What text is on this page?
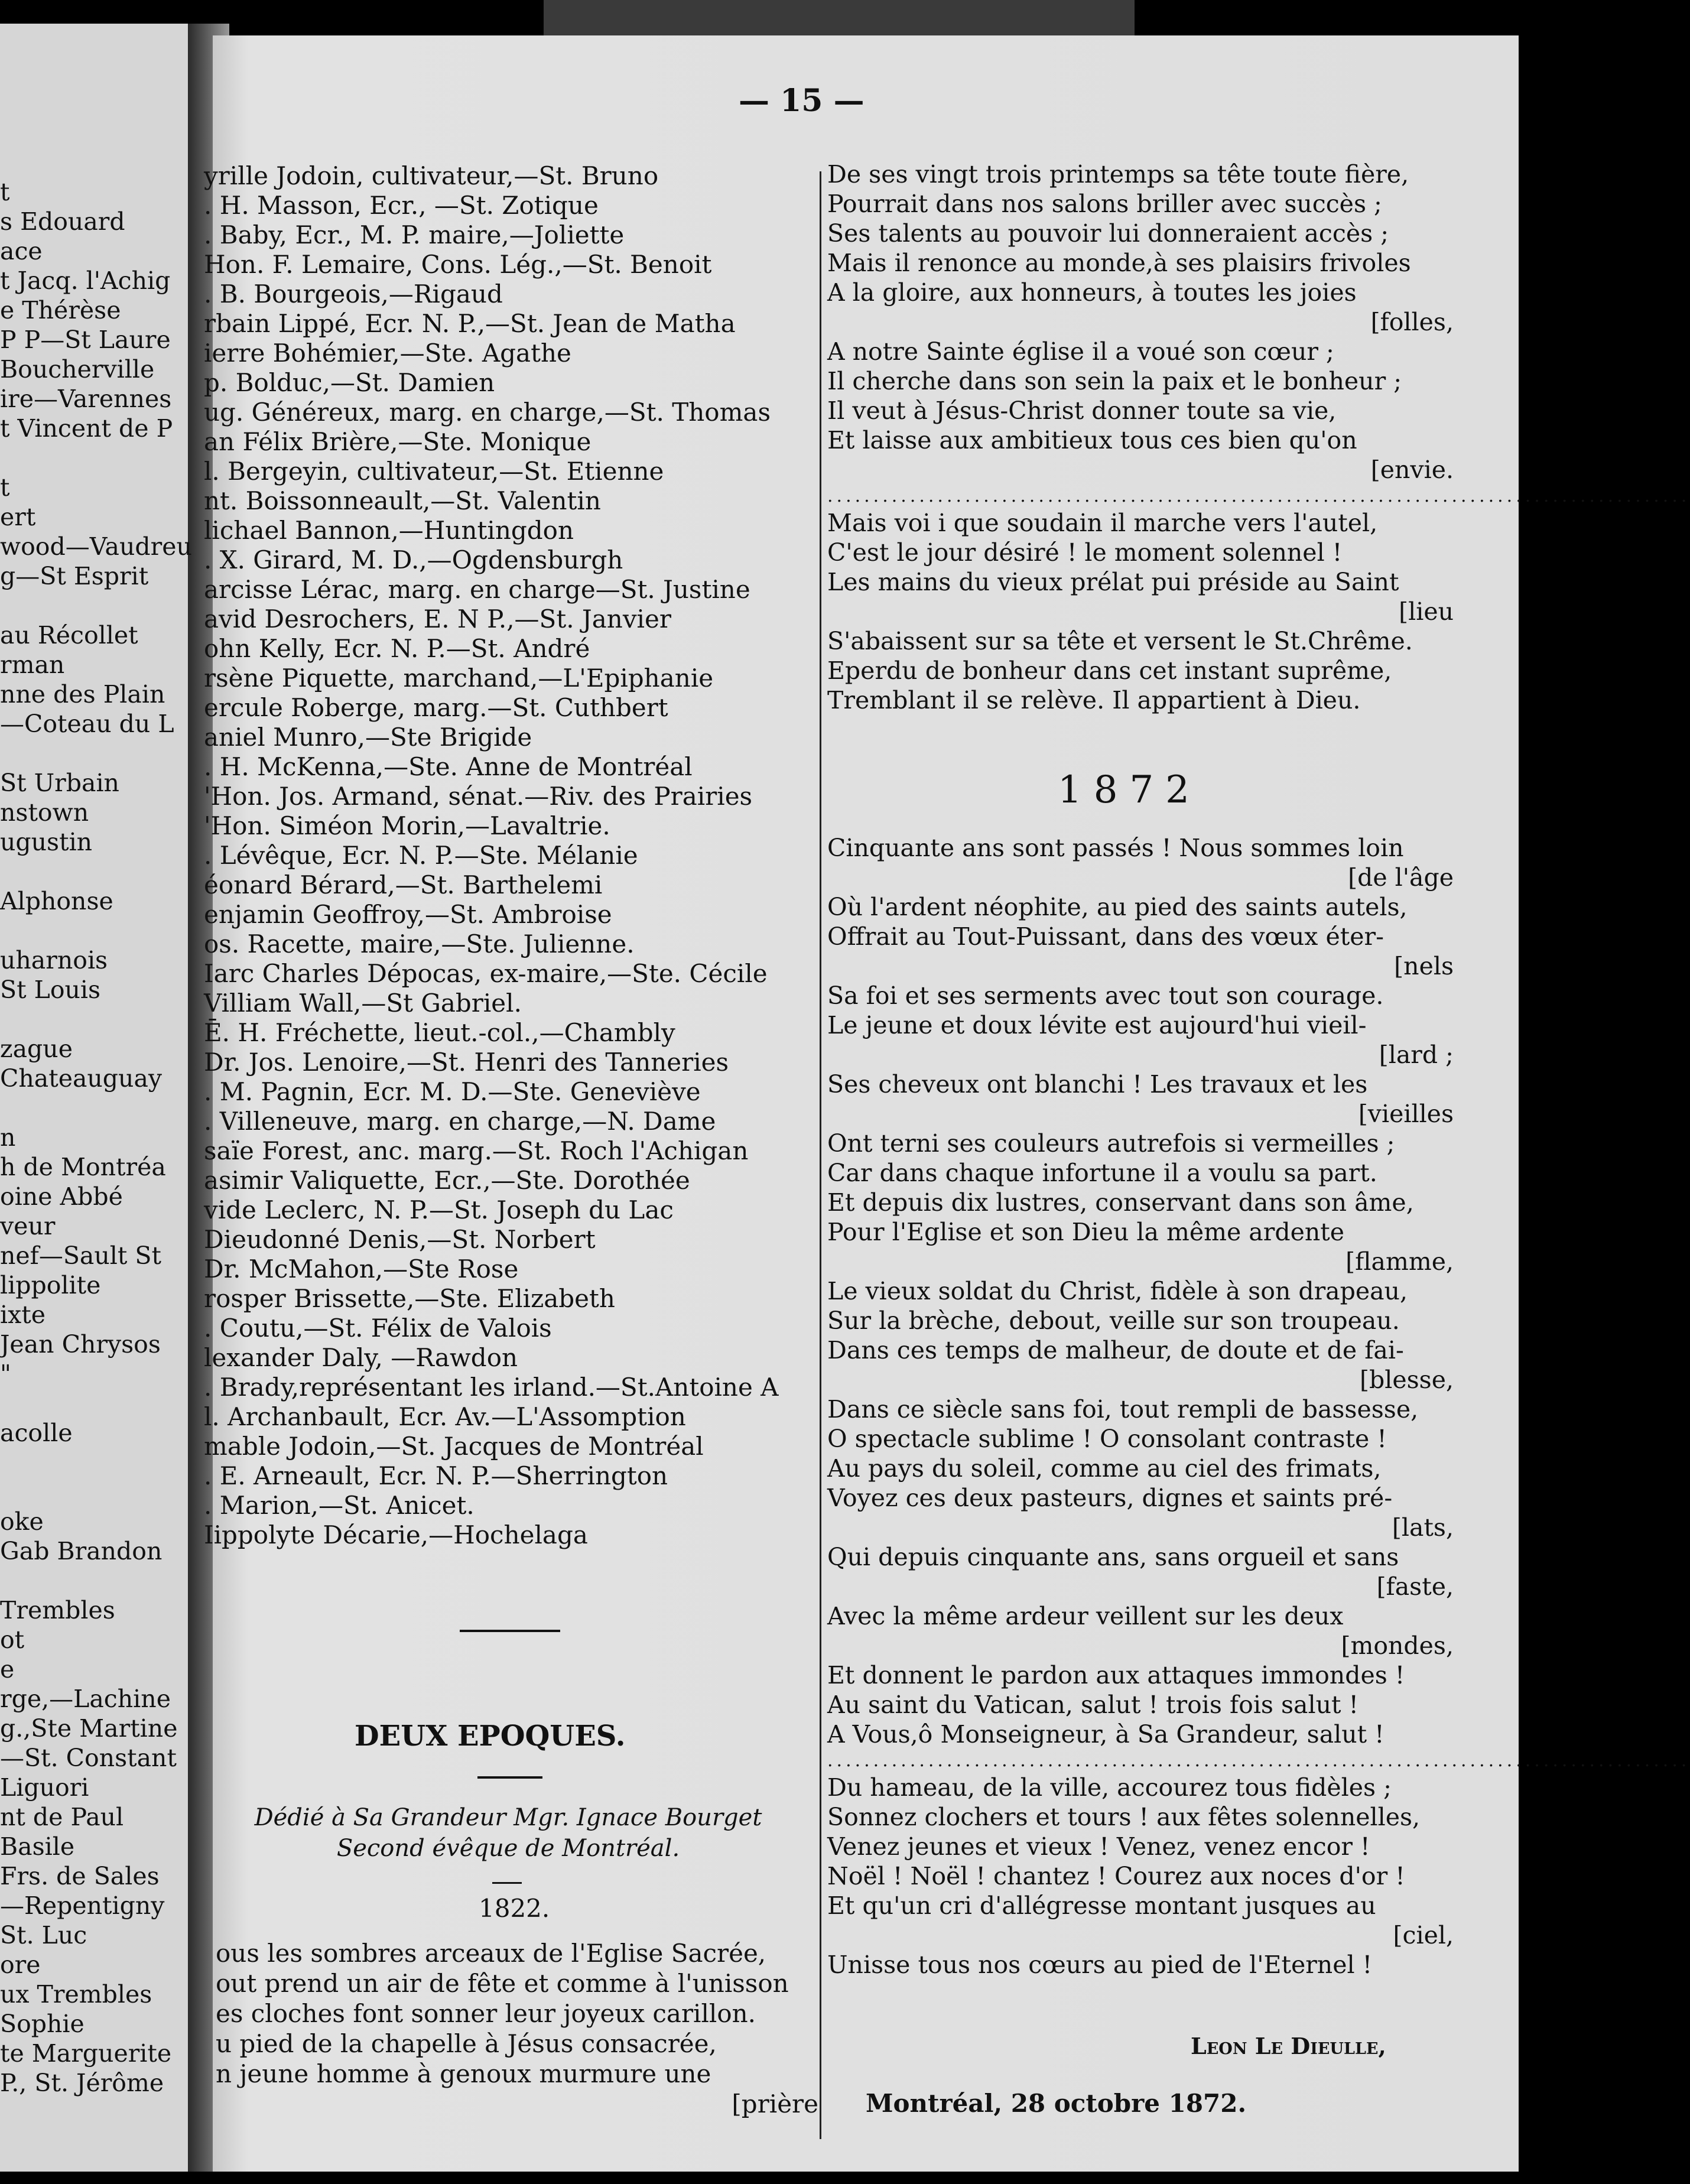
t
s Edouard
ace
t Jacq. l'Achig
e Thérèse
P P—St Laure
Boucherville
ire—Varennes
t Vincent de P

t
ert
wood—Vaudreu
g—St Esprit

au Récollet
rman
nne des Plain
—Coteau du L

St Urbain
nstown
ugustin

Alphonse

uharnois
St Louis

zague
Chateauguay

n
h de Montréa
oine Abbé
veur
nef—Sault St
lippolite
ixte
Jean Chrysos
"

acolle

oke
Gab Brandon

Trembles
ot
e
rge,—Lachine
g.,Ste Martine
—St. Constant
Liguori
nt de Paul
Basile
Frs. de Sales
—Repentigny
St. Luc
ore
ux Trembles
Sophie
te Marguerite
P., St. Jérôme
— 15 —
yrille Jodoin, cultivateur,—St. Bruno
. H. Masson, Ecr., —St. Zotique
. Baby, Ecr., M. P. maire,—Joliette
Hon. F. Lemaire, Cons. Lég.,—St. Benoit
. B. Bourgeois,—Rigaud
rbain Lippé, Ecr. N. P.,—St. Jean de Matha
ierre Bohémier,—Ste. Agathe
p. Bolduc,—St. Damien
ug. Généreux, marg. en charge,—St. Thomas
an Félix Brière,—Ste. Monique
l. Bergeyin, cultivateur,—St. Etienne
nt. Boissonneault,—St. Valentin
lichael Bannon,—Huntingdon
. X. Girard, M. D.,—Ogdensburgh
arcisse Lérac, marg. en charge—St. Justine
avid Desrochers, E. N P.,—St. Janvier
ohn Kelly, Ecr. N. P.—St. André
rsène Piquette, marchand,—L'Epiphanie
ercule Roberge, marg.—St. Cuthbert
aniel Munro,—Ste Brigide
. H. McKenna,—Ste. Anne de Montréal
'Hon. Jos. Armand, sénat.—Riv. des Prairies
'Hon. Siméon Morin,—Lavaltrie.
. Lévêque, Ecr. N. P.—Ste. Mélanie
éonard Bérard,—St. Barthelemi
enjamin Geoffroy,—St. Ambroise
os. Racette, maire,—Ste. Julienne.
Iarc Charles Dépocas, ex-maire,—Ste. Cécile
Villiam Wall,—St Gabriel.
Ē. H. Fréchette, lieut.-col.,—Chambly
Dr. Jos. Lenoire,—St. Henri des Tanneries
. M. Pagnin, Ecr. M. D.—Ste. Geneviève
. Villeneuve, marg. en charge,—N. Dame
saïe Forest, anc. marg.—St. Roch l'Achigan
asimir Valiquette, Ecr.,—Ste. Dorothée
vide Leclerc, N. P.—St. Joseph du Lac
Dieudonné Denis,—St. Norbert
Dr. McMahon,—Ste Rose
rosper Brissette,—Ste. Elizabeth
. Coutu,—St. Félix de Valois
lexander Daly, —Rawdon
. Brady,représentant les irland.—St.Antoine A
l. Archanbault, Ecr. Av.—L'Assomption
mable Jodoin,—St. Jacques de Montréal
. E. Arneault, Ecr. N. P.—Sherrington
. Marion,—St. Anicet.
Iippolyte Décarie,—Hochelaga
De ses vingt trois printemps sa tête toute fière,
Pourrait dans nos salons briller avec succès ;
Ses talents au pouvoir lui donneraient accès ;
Mais il renonce au monde,à ses plaisirs frivoles
A la gloire, aux honneurs, à toutes les joies
[folles,
A notre Sainte église il a voué son cœur ;
Il cherche dans son sein la paix et le bonheur ;
Il veut à Jésus-Christ donner toute sa vie,
Et laisse aux ambitieux tous ces bien qu'on
[envie.
..............................................................................................
Mais voi i que soudain il marche vers l'autel,
C'est le jour désiré ! le moment solennel !
Les mains du vieux prélat pui préside au Saint
[lieu
S'abaissent sur sa tête et versent le St.Chrême.
Eperdu de bonheur dans cet instant suprême,
Tremblant il se relève. Il appartient à Dieu.
1872
Cinquante ans sont passés ! Nous sommes loin
[de l'âge
Où l'ardent néophite, au pied des saints autels,
Offrait au Tout-Puissant, dans des vœux éter-
[nels
Sa foi et ses serments avec tout son courage.
Le jeune et doux lévite est aujourd'hui vieil-
[lard ;
Ses cheveux ont blanchi ! Les travaux et les
[vieilles
Ont terni ses couleurs autrefois si vermeilles ;
Car dans chaque infortune il a voulu sa part.
Et depuis dix lustres, conservant dans son âme,
Pour l'Eglise et son Dieu la même ardente
[flamme,
Le vieux soldat du Christ, fidèle à son drapeau,
Sur la brèche, debout, veille sur son troupeau.
Dans ces temps de malheur, de doute et de fai-
[blesse,
Dans ce siècle sans foi, tout rempli de bassesse,
O spectacle sublime ! O consolant contraste !
Au pays du soleil, comme au ciel des frimats,
Voyez ces deux pasteurs, dignes et saints pré-
[lats,
Qui depuis cinquante ans, sans orgueil et sans
[faste,
Avec la même ardeur veillent sur les deux
[mondes,
Et donnent le pardon aux attaques immondes !
Au saint du Vatican, salut ! trois fois salut !
A Vous,ô Monseigneur, à Sa Grandeur, salut !
..............................................................................................
Du hameau, de la ville, accourez tous fidèles ;
Sonnez clochers et tours ! aux fêtes solennelles,
Venez jeunes et vieux ! Venez, venez encor !
Noël ! Noël ! chantez ! Courez aux noces d'or !
Et qu'un cri d'allégresse montant jusques au
[ciel,
Unisse tous nos cœurs au pied de l'Eternel !
Leon Le Dieulle,
Montréal, 28 octobre 1872.
DEUX EPOQUES.
Dédié à Sa Grandeur Mgr. Ignace Bourget
Second évêque de Montréal.
1822.
ous les sombres arceaux de l'Eglise Sacrée,
out prend un air de fête et comme à l'unisson
es cloches font sonner leur joyeux carillon.
u pied de la chapelle à Jésus consacrée,
n jeune homme à genoux murmure une
[prière
